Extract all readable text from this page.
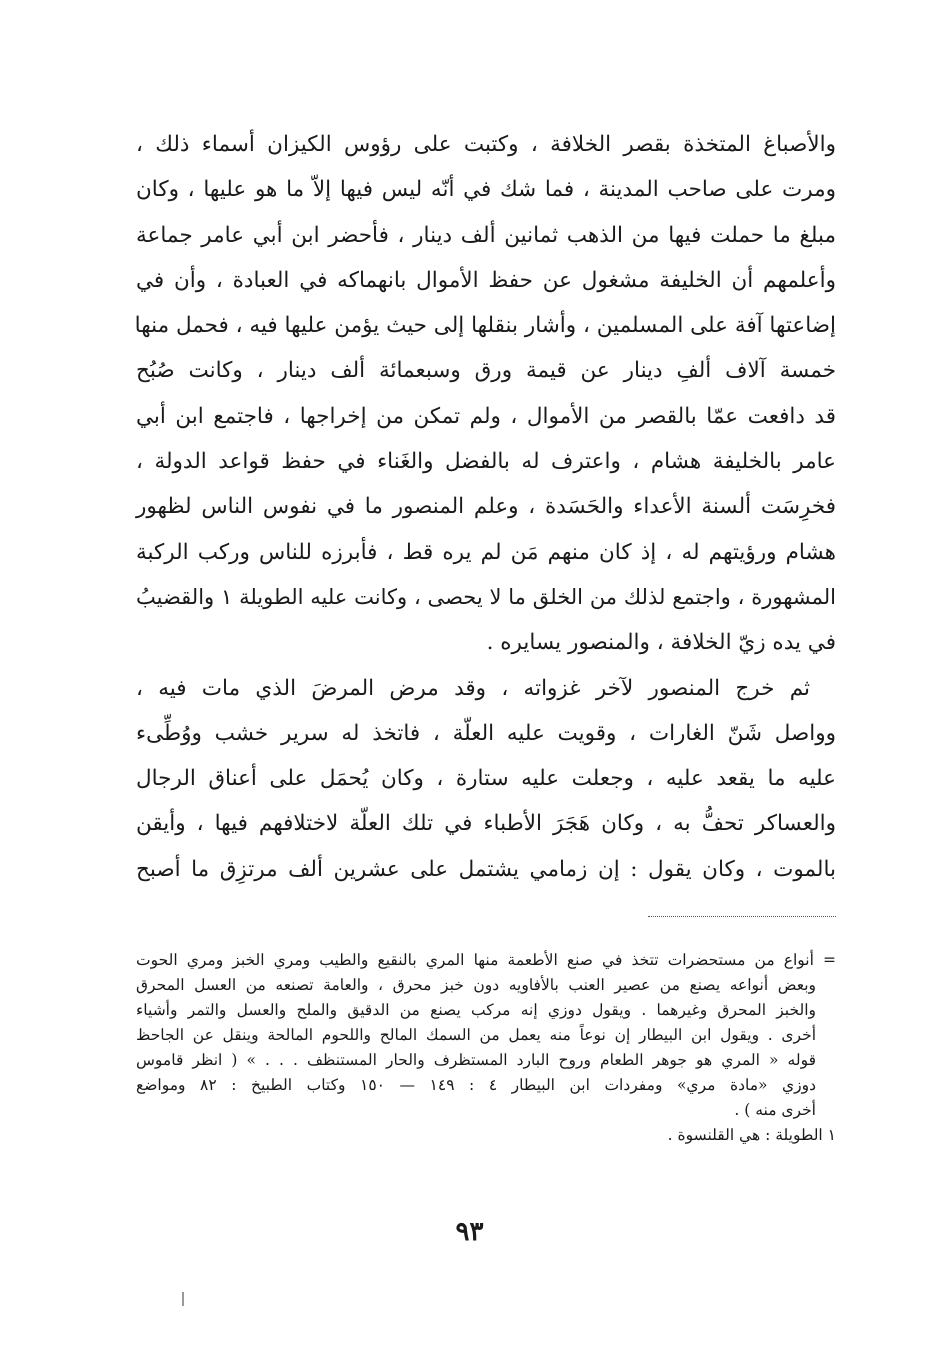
والأصباغ المتخذة بقصر الخلافة ، وكتبت على رؤوس الكيزان أسماء ذلك ،
ومرت على صاحب المدينة ، فما شك في أنّه ليس فيها إلاّ ما هو عليها ، وكان
مبلغ ما حملت فيها من الذهب ثمانين ألف دينار ، فأحضر ابن أبي عامر جماعة
وأعلمهم أن الخليفة مشغول عن حفظ الأموال بانهماكه في العبادة ، وأن في
إضاعتها آفة على المسلمين ، وأشار بنقلها إلى حيث يؤمن عليها فيه ، فحمل منها
خمسة آلاف ألفِ دينار عن قيمة ورق وسبعمائة ألف دينار ، وكانت صُبُح
قد دافعت عمّا بالقصر من الأموال ، ولم تمكن من إخراجها ، فاجتمع ابن أبي
عامر بالخليفة هشام ، واعترف له بالفضل والغَناء في حفظ قواعد الدولة ،
فخرِسَت ألسنة الأعداء والحَسَدة ، وعلم المنصور ما في نفوس الناس لظهور
هشام ورؤيتهم له ، إذ كان منهم مَن لم يره قط ، فأبرزه للناس وركب الركبة
المشهورة ، واجتمع لذلك من الخلق ما لا يحصى ، وكانت عليه الطويلة ١ والقضيبُ
في يده زيّ الخلافة ، والمنصور يسايره .
ثم خرج المنصور لآخر غزواته ، وقد مرض المرضَ الذي مات فيه ،
وواصل شَنّ الغارات ، وقويت عليه العلّة ، فاتخذ له سرير خشب ووُطِّىء
عليه ما يقعد عليه ، وجعلت عليه ستارة ، وكان يُحمَل على أعناق الرجال
والعساكر تحفُّ به ، وكان هَجَرَ الأطباء في تلك العلّة لاختلافهم فيها ، وأيقن
بالموت ، وكان يقول : إن زمامي يشتمل على عشرين ألف مرتزِق ما أصبح
= أنواع من مستحضرات تتخذ في صنع الأطعمة منها المري بالنقيع والطيب ومري الخبز ومري الحوت
وبعض أنواعه يصنع من عصير العنب بالأفاويه دون خبز محرق ، والعامة تصنعه من العسل المحرق
والخبز المحرق وغيرهما . ويقول دوزي إنه مركب يصنع من الدقيق والملح والعسل والتمر وأشياء
أخرى . ويقول ابن البيطار إن نوعاً منه يعمل من السمك المالح واللحوم المالحة وينقل عن الجاحظ
قوله « المري هو جوهر الطعام وروح البارد المستظرف والحار المستنظف . . . » ( انظر قاموس
دوزي «مادة مري» ومفردات ابن البيطار ٤ : ١٤٩ — ١٥٠ وكتاب الطبيخ : ٨٢ ومواضع
أخرى منه ) .
١ الطويلة : هي القلنسوة .
٩٣
